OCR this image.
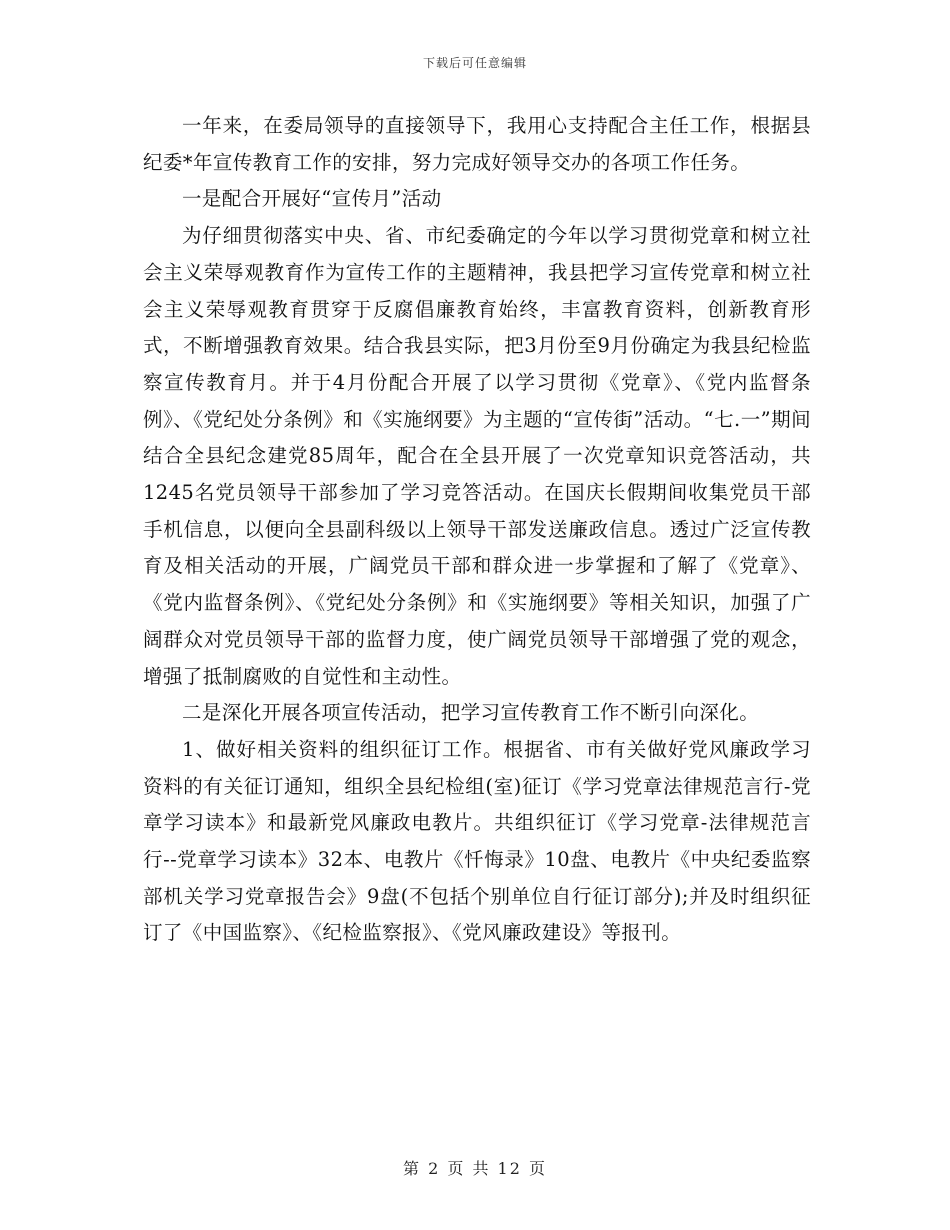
下载后可任意编辑

一年来，在委局领导的直接领导下，我用心支持配合主任工作，根据县纪委*年宣传教育工作的安排，努力完成好领导交办的各项工作任务。

一是配合开展好“宣传月”活动

为仔细贯彻落实中央、省、市纪委确定的今年以学习贯彻党章和树立社会主义荣辱观教育作为宣传工作的主题精神，我县把学习宣传党章和树立社会主义荣辱观教育贯穿于反腐倡廉教育始终，丰富教育资料，创新教育形式，不断增强教育效果。结合我县实际，把3月份至9月份确定为我县纪检监察宣传教育月。并于4月份配合开展了以学习贯彻《党章》、《党内监督条例》、《党纪处分条例》和《实施纲要》为主题的“宣传街”活动。“七.一”期间结合全县纪念建党85周年，配合在全县开展了一次党章知识竞答活动，共1245名党员领导干部参加了学习竞答活动。在国庆长假期间收集党员干部手机信息，以便向全县副科级以上领导干部发送廉政信息。透过广泛宣传教育及相关活动的开展，广阔党员干部和群众进一步掌握和了解了《党章》、《党内监督条例》、《党纪处分条例》和《实施纲要》等相关知识，加强了广阔群众对党员领导干部的监督力度，使广阔党员领导干部增强了党的观念，增强了抵制腐败的自觉性和主动性。

二是深化开展各项宣传活动，把学习宣传教育工作不断引向深化。

1、做好相关资料的组织征订工作。根据省、市有关做好党风廉政学习资料的有关征订通知，组织全县纪检组(室)征订《学习党章法律规范言行-党章学习读本》和最新党风廉政电教片。共组织征订《学习党章-法律规范言行--党章学习读本》32本、电教片《忏悔录》10盘、电教片《中央纪委监察部机关学习党章报告会》9盘(不包括个别单位自行征订部分);并及时组织征订了《中国监察》、《纪检监察报》、《党风廉政建设》等报刊。

第 2 页 共 12 页
